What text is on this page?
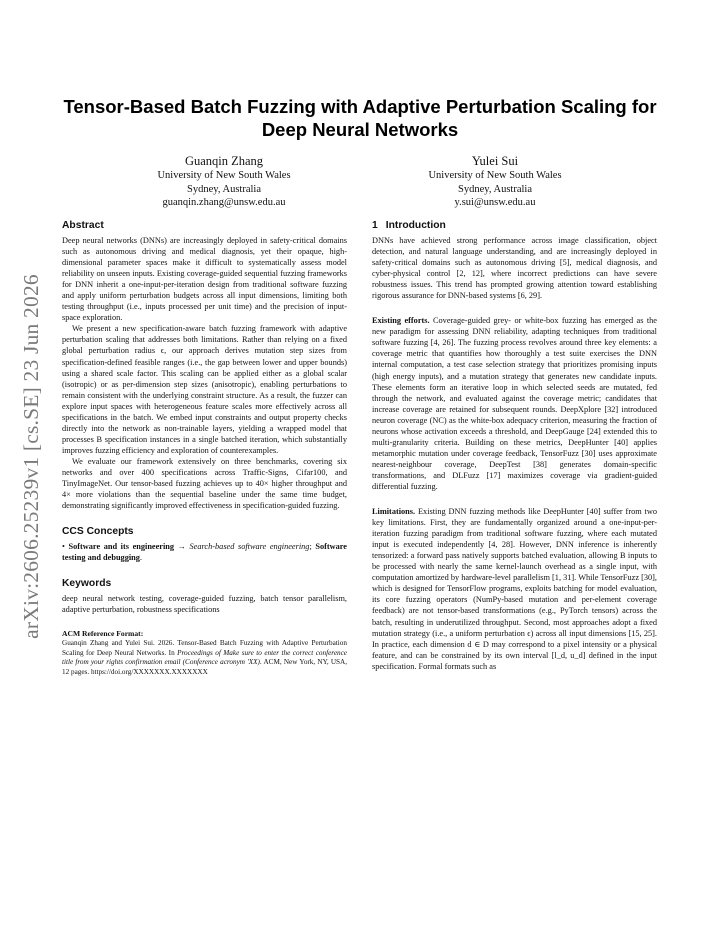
arXiv:2606.25239v1 [cs.SE] 23 Jun 2026
Tensor-Based Batch Fuzzing with Adaptive Perturbation Scaling for Deep Neural Networks
Guanqin Zhang
University of New South Wales
Sydney, Australia
guanqin.zhang@unsw.edu.au
Yulei Sui
University of New South Wales
Sydney, Australia
y.sui@unsw.edu.au
Abstract

Deep neural networks (DNNs) are increasingly deployed in safety-critical domains such as autonomous driving and medical diagnosis, yet their opaque, high-dimensional parameter spaces make it difficult to systematically assess model reliability on unseen inputs. Existing coverage-guided sequential fuzzing frameworks for DNN inherit a one-input-per-iteration design from traditional software fuzzing and apply uniform perturbation budgets across all input dimensions, limiting both testing throughput (i.e., inputs processed per unit time) and the precision of input-space exploration.

We present a new specification-aware batch fuzzing framework with adaptive perturbation scaling that addresses both limitations. Rather than relying on a fixed global perturbation radius ϵ, our approach derives mutation step sizes from specification-defined feasible ranges (i.e., the gap between lower and upper bounds) using a shared scale factor. This scaling can be applied either as a global scalar (isotropic) or as per-dimension step sizes (anisotropic), enabling perturbations to remain consistent with the underlying constraint structure. As a result, the fuzzer can explore input spaces with heterogeneous feature scales more effectively across all specifications in the batch. We embed input constraints and output property checks directly into the network as non-trainable layers, yielding a wrapped model that processes B specification instances in a single batched iteration, which substantially improves fuzzing efficiency and exploration of counterexamples.

We evaluate our framework extensively on three benchmarks, covering six networks and over 400 specifications across Traffic-Signs, Cifar100, and TinyImageNet. Our tensor-based fuzzing achieves up to 40× higher throughput and 4× more violations than the sequential baseline under the same time budget, demonstrating significantly improved effectiveness in specification-guided fuzzing.

CCS Concepts

• Software and its engineering → Search-based software engineering; Software testing and debugging.

Keywords

deep neural network testing, coverage-guided fuzzing, batch tensor parallelism, adaptive perturbation, robustness specifications

ACM Reference Format:

Guanqin Zhang and Yulei Sui. 2026. Tensor-Based Batch Fuzzing with Adaptive Perturbation Scaling for Deep Neural Networks. In Proceedings of Make sure to enter the correct conference title from your rights confirmation email (Conference acronym 'XX). ACM, New York, NY, USA, 12 pages. https://doi.org/XXXXXXX.XXXXXXX

1 Introduction

DNNs have achieved strong performance across image classification, object detection, and natural language understanding, and are increasingly deployed in safety-critical domains such as autonomous driving [5], medical diagnosis, and cyber-physical control [2, 12], where incorrect predictions can have severe robustness issues. This trend has prompted growing attention toward establishing rigorous assurance for DNN-based systems [6, 29].

Existing efforts. Coverage-guided grey- or white-box fuzzing has emerged as the new paradigm for assessing DNN reliability, adapting techniques from traditional software fuzzing [4, 26]. The fuzzing process revolves around three key elements: a coverage metric that quantifies how thoroughly a test suite exercises the DNN internal computation, a test case selection strategy that prioritizes promising inputs (high energy inputs), and a mutation strategy that generates new candidate inputs. These elements form an iterative loop in which selected seeds are mutated, fed through the network, and evaluated against the coverage metric; candidates that increase coverage are retained for subsequent rounds. DeepXplore [32] introduced neuron coverage (NC) as the white-box adequacy criterion, measuring the fraction of neurons whose activation exceeds a threshold, and DeepGauge [24] extended this to multi-granularity criteria. Building on these metrics, DeepHunter [40] applies metamorphic mutation under coverage feedback, TensorFuzz [30] uses approximate nearest-neighbour coverage, DeepTest [38] generates domain-specific transformations, and DLFuzz [17] maximizes coverage via gradient-guided differential fuzzing.

Limitations. Existing DNN fuzzing methods like DeepHunter [40] suffer from two key limitations. First, they are fundamentally organized around a one-input-per-iteration fuzzing paradigm from traditional software fuzzing, where each mutated input is executed independently [4, 28]. However, DNN inference is inherently tensorized: a forward pass natively supports batched evaluation, allowing B inputs to be processed with nearly the same kernel-launch overhead as a single input, with computation amortized by hardware-level parallelism [1, 31]. While TensorFuzz [30], which is designed for TensorFlow programs, exploits batching for model evaluation, its core fuzzing operators (NumPy-based mutation and per-element coverage feedback) are not tensor-based transformations (e.g., PyTorch tensors) across the batch, resulting in underutilized throughput. Second, most approaches adopt a fixed mutation strategy (i.e., a uniform perturbation ϵ) across all input dimensions [15, 25]. In practice, each dimension d ∈ D may correspond to a pixel intensity or a physical feature, and can be constrained by its own interval [l_d, u_d] defined in the input specification. Formal formats such as
